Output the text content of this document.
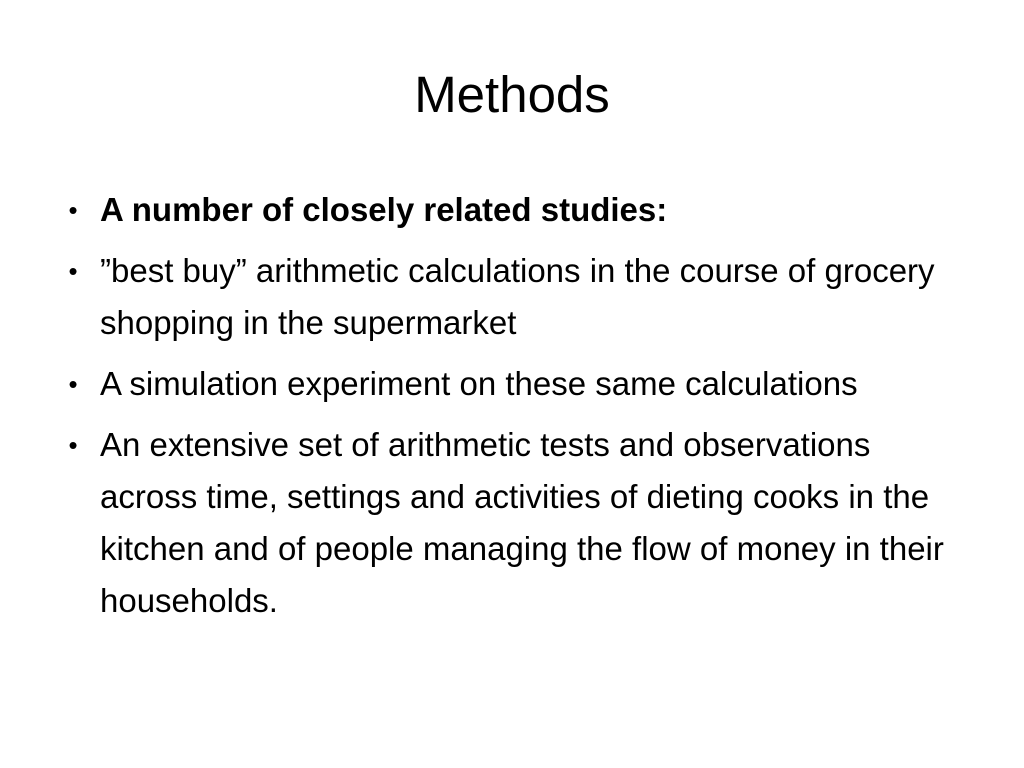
Methods
• A number of closely related studies:
• ”best buy” arithmetic calculations in the course of grocery shopping in the supermarket
• A simulation experiment on these same calculations
• An extensive set of arithmetic tests and observations across time, settings and activities of dieting cooks in the kitchen and of people managing the flow of money in their households.
